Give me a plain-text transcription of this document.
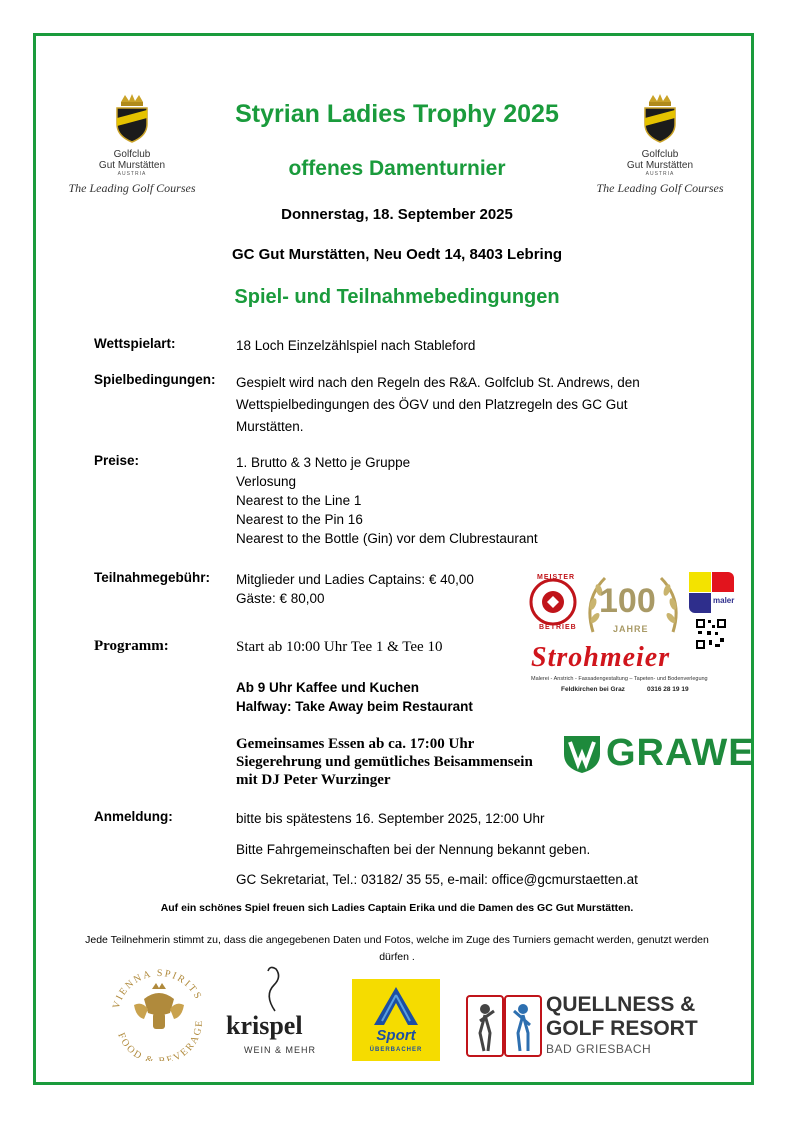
Golfclub
Gut Murstätten
AUSTRIA
The Leading Golf Courses
Golfclub
Gut Murstätten
AUSTRIA
The Leading Golf Courses
Styrian Ladies Trophy 2025
offenes Damenturnier
Donnerstag, 18. September 2025
GC Gut Murstätten, Neu Oedt 14, 8403 Lebring
Spiel- und Teilnahmebedingungen
Wettspielart:	18 Loch Einzelzählspiel nach Stableford
Spielbedingungen: Gespielt wird nach den Regeln des R&A. Golfclub St. Andrews, den
Wettspielbedingungen des ÖGV und den Platzregeln des GC Gut
Murstätten.
Preise:	1. Brutto & 3 Netto je Gruppe
Verlosung
Nearest to the Line 1
Nearest to the Pin 16
Nearest to the Bottle (Gin) vor dem Clubrestaurant
Teilnahmegebühr: Mitglieder und Ladies Captains: € 40,00
Gäste: € 80,00
Programm:	Start ab 10:00 Uhr Tee 1 & Tee 10
Ab 9 Uhr Kaffee und Kuchen
Halfway: Take Away beim Restaurant
Gemeinsames Essen ab ca. 17:00 Uhr
Siegerehrung und gemütliches Beisammensein
mit DJ Peter Wurzinger
Anmeldung:	bitte bis spätestens 16. September 2025, 12:00 Uhr
Bitte Fahrgemeinschaften bei der Nennung bekannt geben.
GC Sekretariat, Tel.: 03182/ 35 55, e-mail: office@gcmurstaetten.at
Auf ein schönes Spiel freuen sich Ladies Captain Erika und die Damen des GC Gut Murstätten.
Jede Teilnehmerin stimmt zu, dass die angegebenen Daten und Fotos, welche im Zuge des Turniers gemacht werden, genutzt werden dürfen .
MEISTER
BETRIEB
100
JAHRE
maler
Strohmeier
Malerei - Anstrich - Fassadengestaltung – Tapeten- und Bodenverlegung
Feldkirchen bei Graz	0316 28 19 19
GRAWE
VIENNA SPIRITS
FOOD & EVERAGE krispel
WEIN & MEHR
Sport
ÜBERBACHER
QUELLNESS &
GOLF RESORT
BAD GRIESBACH
